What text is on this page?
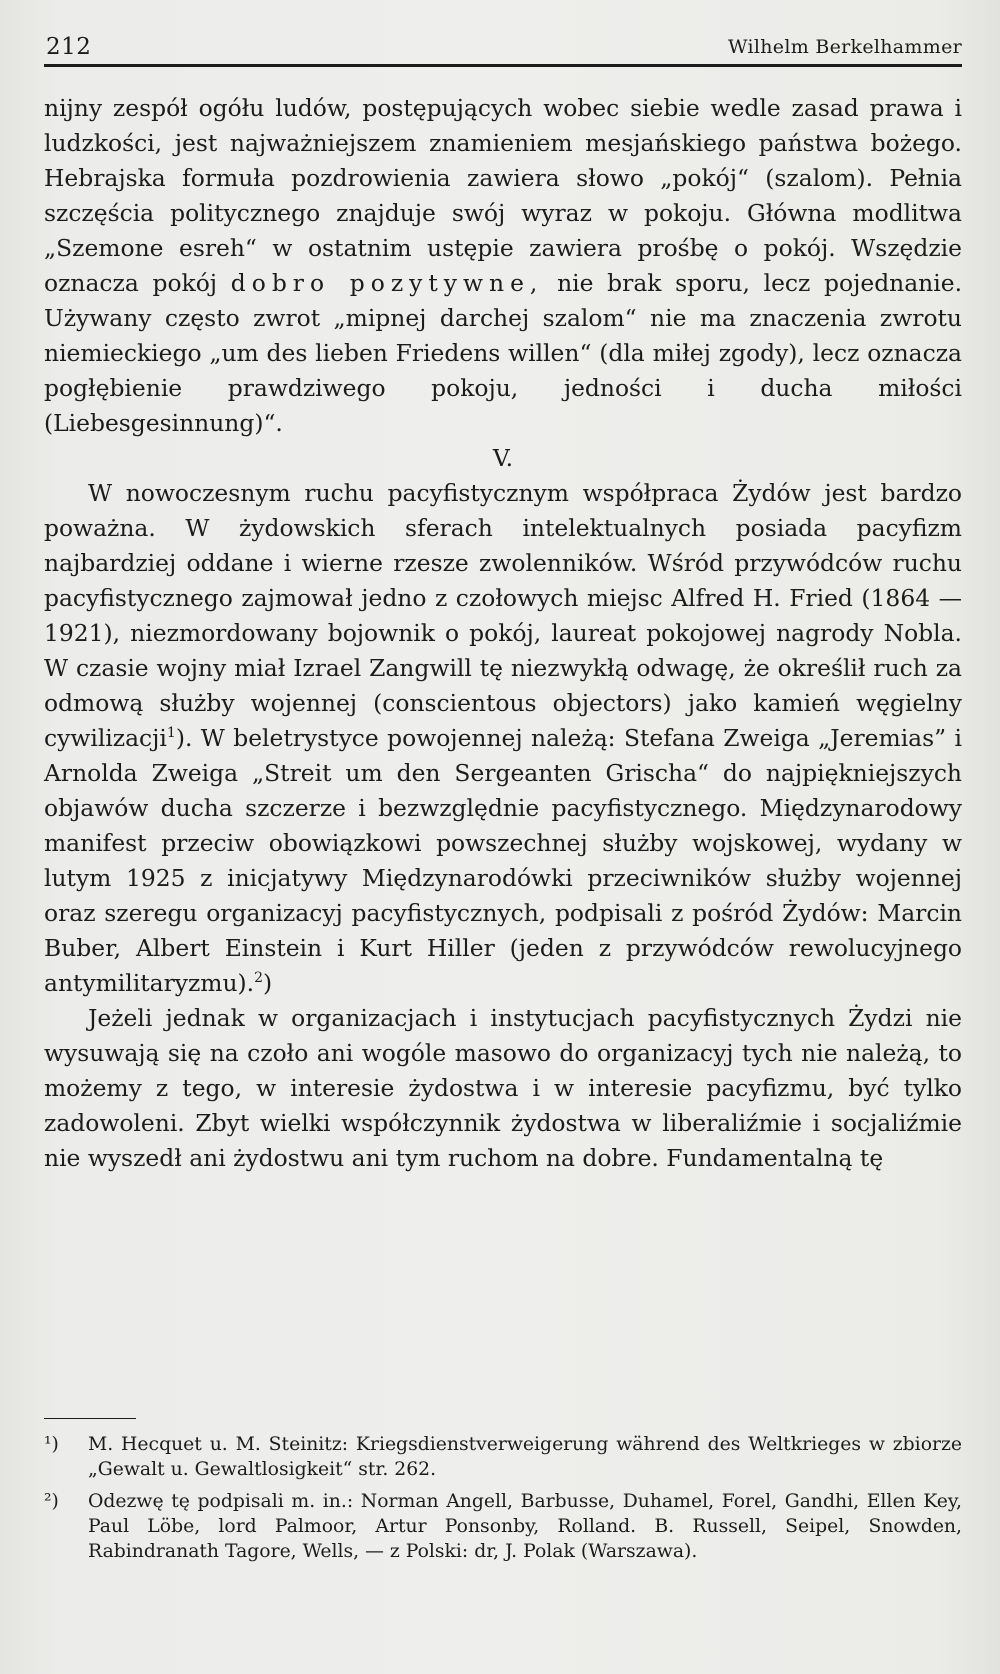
212	Wilhelm Berkelhammer

nijny zespół ogółu ludów, postępujących wobec siebie wedle zasad prawa i ludzkości, jest najważniejszem znamieniem mesjańskiego państwa bożego. Hebrajska formuła pozdrowienia zawiera słowo „pokój“ (szalom). Pełnia szczęścia politycznego znajduje swój wyraz w pokoju. Główna modlitwa „Szemone esreh“ w ostatnim ustępie zawiera prośbę o pokój. Wszędzie oznacza pokój dobro pozytywne, nie brak sporu, lecz pojednanie. Używany często zwrot „mipnej darchej szalom“ nie ma znaczenia zwrotu niemieckiego „um des lieben Friedens willen“ (dla miłej zgody), lecz oznacza pogłębienie prawdziwego pokoju, jedności i ducha miłości (Liebesgesinnung)“.

V.

W nowoczesnym ruchu pacyfistycznym współpraca Żydów jest bardzo poważna. W żydowskich sferach intelektualnych posiada pacyfizm najbardziej oddane i wierne rzesze zwolenników. Wśród przywódców ruchu pacyfistycznego zajmował jedno z czołowych miejsc Alfred H. Fried (1864 — 1921), niezmordowany bojownik o pokój, laureat pokojowej nagrody Nobla. W czasie wojny miał Izrael Zangwill tę niezwykłą odwagę, że określił ruch za odmową służby wojennej (conscientous objectors) jako kamień węgielny cywilizacji$^1$). W beletrystyce powojennej należą: Stefana Zweiga „Jeremias” i Arnolda Zweiga „Streit um den Sergeanten Grischa“ do najpiękniejszych objawów ducha szczerze i bezwzględnie pacyfistycznego. Międzynarodowy manifest przeciw obowiązkowi powszechnej służby wojskowej, wydany w lutym 1925 z inicjatywy Międzynarodówki przeciwników służby wojennej oraz szeregu organizacyj pacyfistycznych, podpisali z pośród Żydów: Marcin Buber, Albert Einstein i Kurt Hiller (jeden z przywódców rewolucyjnego antymilitaryzmu).$^2$)

Jeżeli jednak w organizacjach i instytucjach pacyfistycznych Żydzi nie wysuwają się na czoło ani wogóle masowo do organizacyj tych nie należą, to możemy z tego, w interesie żydostwa i w interesie pacyfizmu, być tylko zadowoleni. Zbyt wielki współczynnik żydostwa w liberaliźmie i socjaliźmie nie wyszedł ani żydostwu ani tym ruchom na dobre. Fundamentalną tę

¹) M. Hecquet u. M. Steinitz: Kriegsdienstverweigerung während des Weltkrieges w zbiorze „Gewalt u. Gewaltlosigkeit“ str. 262.
²) Odezwę tę podpisali m. in.: Norman Angell, Barbusse, Duhamel, Forel, Gandhi, Ellen Key, Paul Löbe, lord Palmoor, Artur Ponsonby, Rolland. B. Russell, Seipel, Snowden, Rabindranath Tagore, Wells, — z Polski: dr, J. Polak (Warszawa).
